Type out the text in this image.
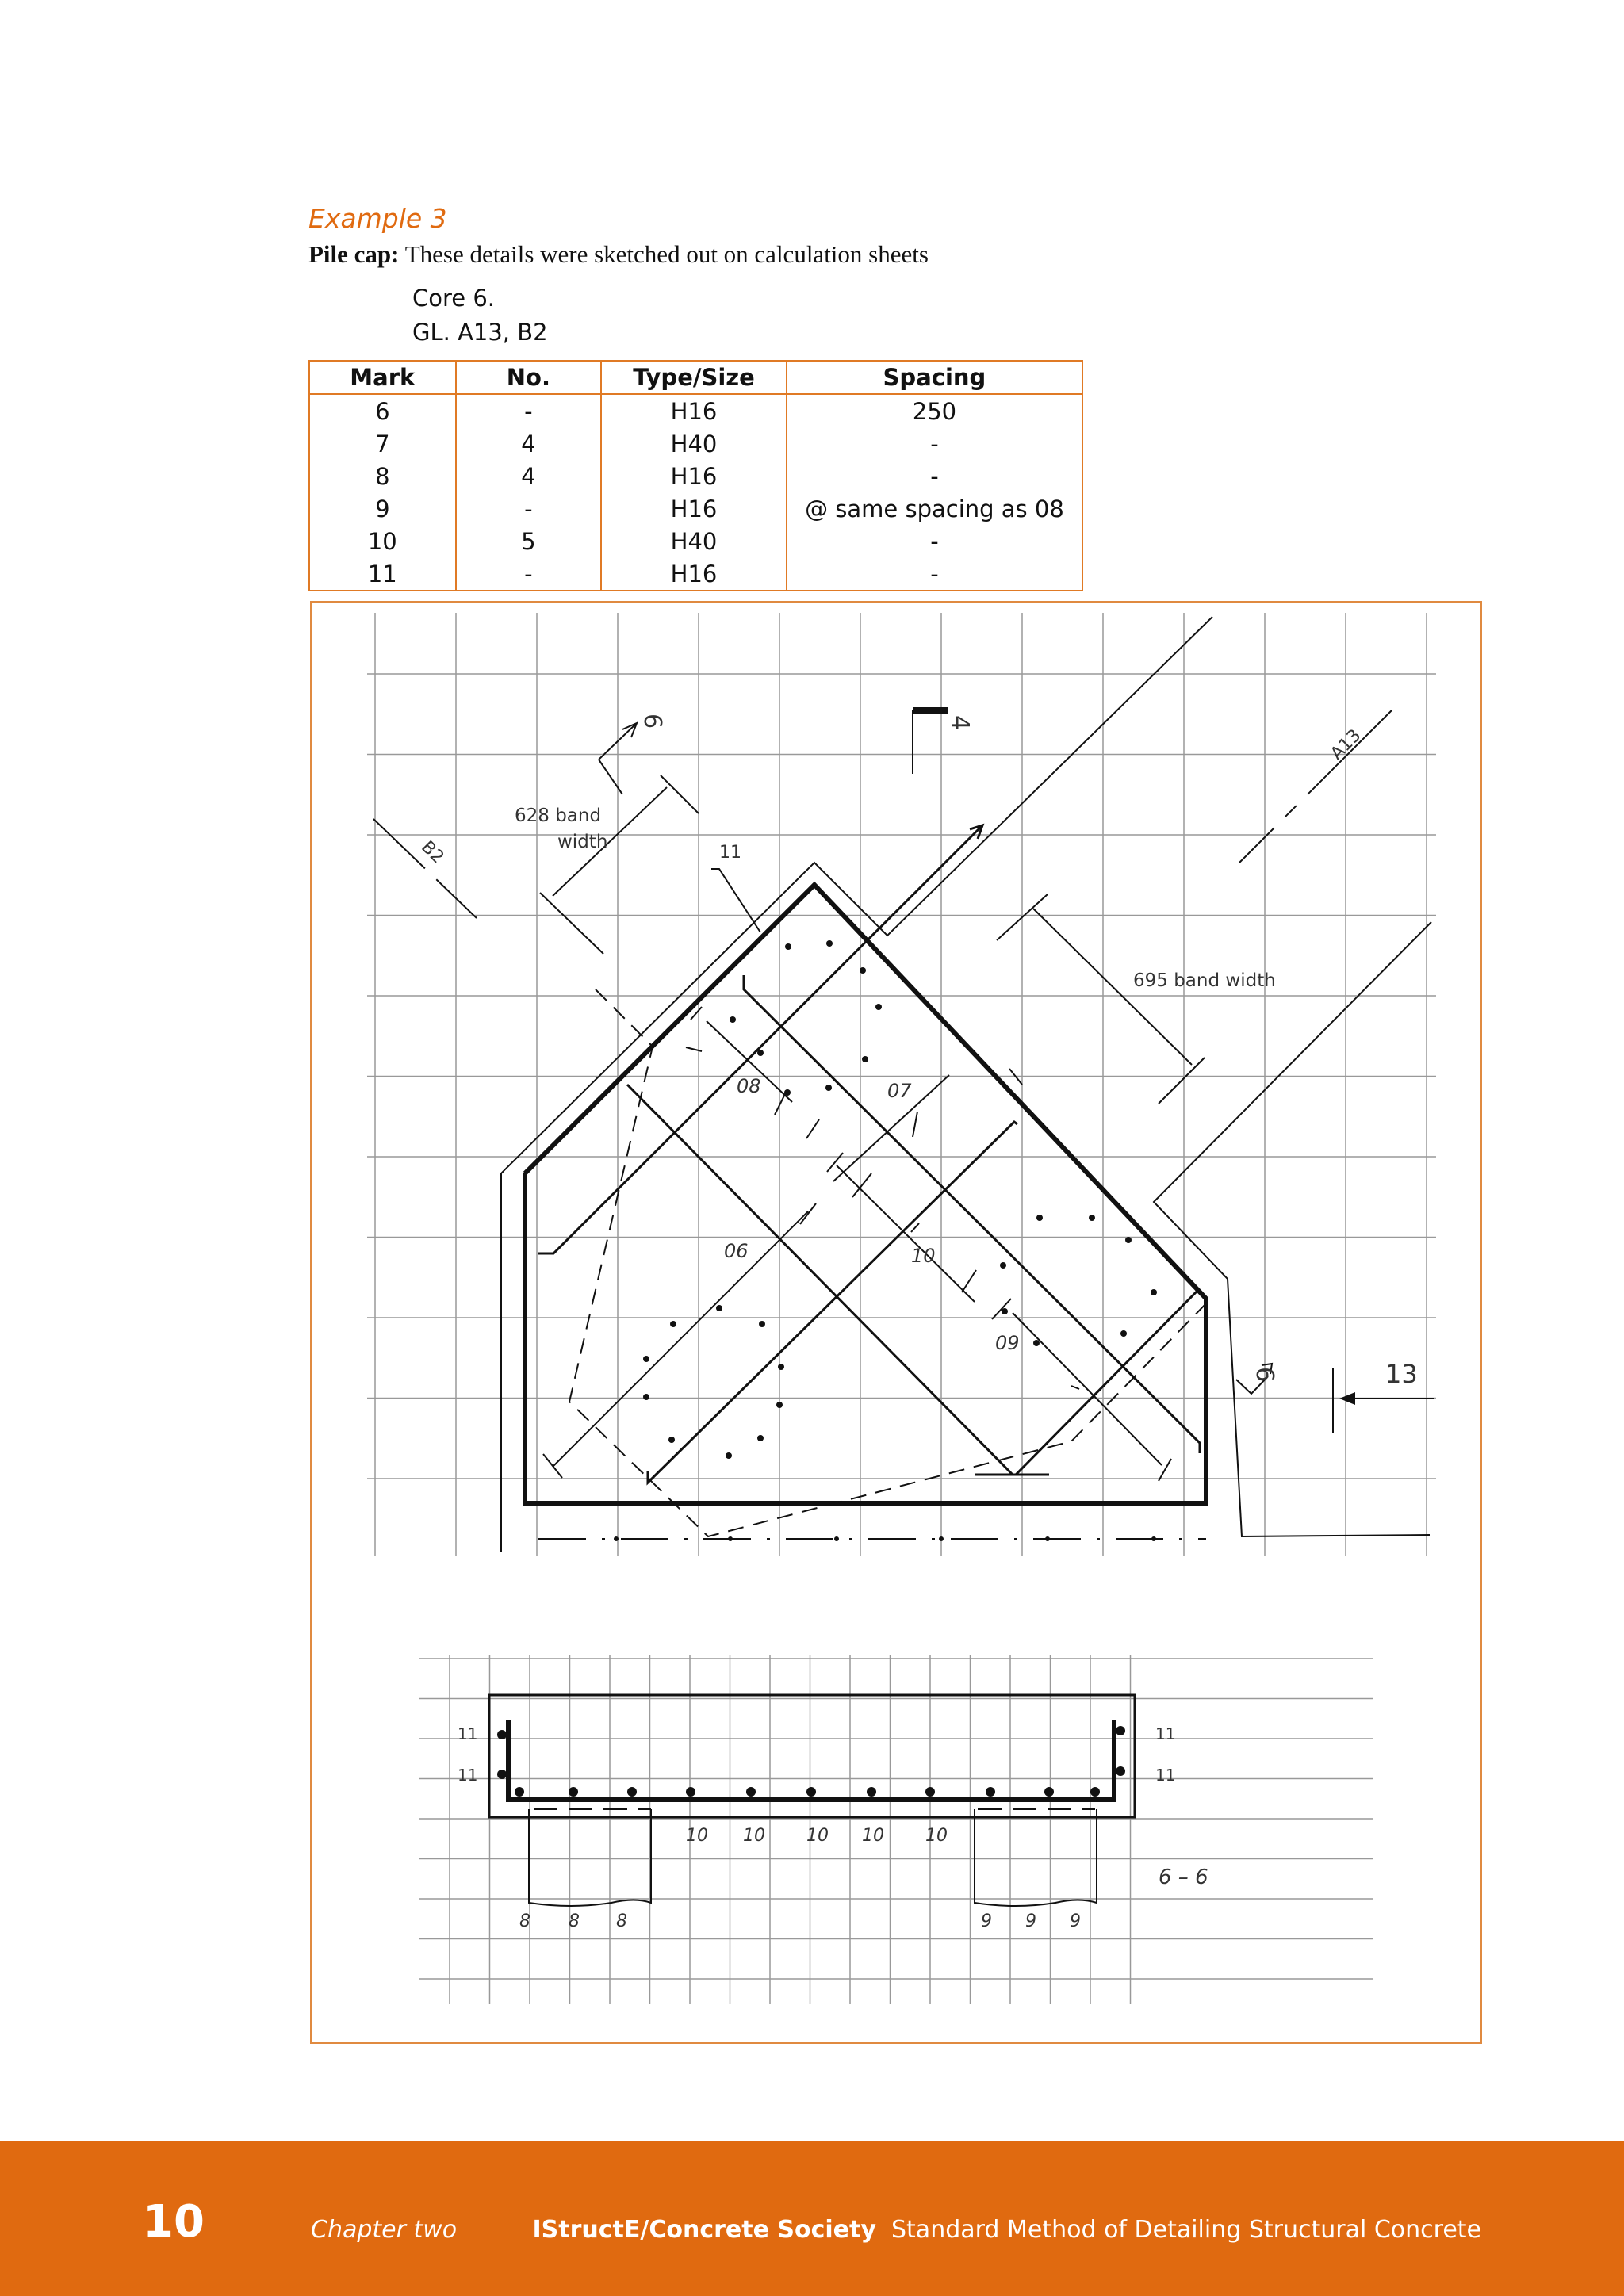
Example 3
Pile cap: These details were sketched out on calculation sheets
Core 6.
GL. A13, B2
Mark	No.	Type/Size	Spacing
6	-	H16	250
7	4	H40	-
8	4	H16	-
9	-	H16	@ same spacing as 08
10	5	H40	-
11	-	H16	-
6	4
A13
B2
628 band
width
695 band width
11
08	07
06	10
09
6	13
11
11
11
11
10 10 10 10 10
8 8 8	9 9 9
6 – 6
10	Chapter two	IStructE/Concrete Society Standard Method of Detailing Structural Concrete
